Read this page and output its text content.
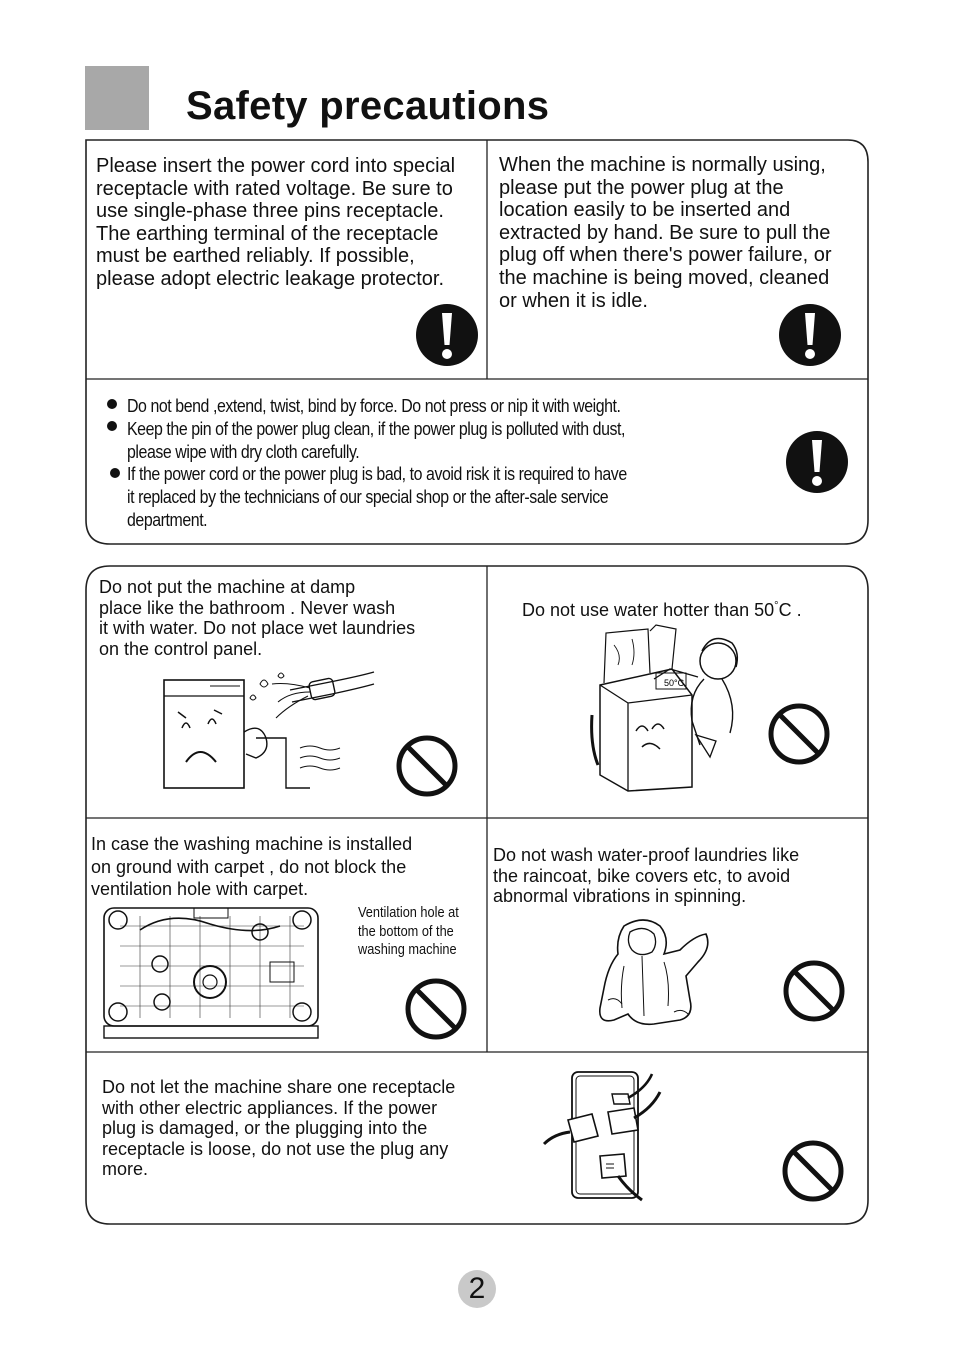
Safety precautions
Please insert the power cord into special
receptacle with rated voltage. Be sure to
use single-phase three pins receptacle.
The earthing terminal of the receptacle
must be earthed reliably. If possible,
please adopt electric leakage protector.
When the machine is normally using,
please put the power plug at the
location easily to be inserted and
extracted by hand. Be sure to pull the
plug off when there's power failure, or
the machine is being moved, cleaned
or when it is idle.
Do not bend ,extend, twist, bind by force. Do not press or nip it with weight.
Keep the pin of the power plug clean, if the power plug is polluted with dust,
please wipe with dry cloth carefully.
If the power cord or the power plug is bad, to avoid risk it is required to have
it replaced by the technicians of our special shop or the after-sale service
department.
Do not put the machine at damp
place like the bathroom . Never wash
it with water. Do not place wet laundries
on the control panel.
Do not use water hotter than 50°C .
50°C
In case the washing machine is installed
on ground with carpet , do not block the
ventilation hole with carpet.
Ventilation hole at
the bottom of the
washing machine
Do not wash water-proof laundries like
the raincoat, bike covers etc, to avoid
abnormal vibrations in spinning.
Do not let the machine share one receptacle
with other electric appliances. If the power
plug is damaged, or the plugging into the
receptacle is loose, do not use the plug any
more.
2
